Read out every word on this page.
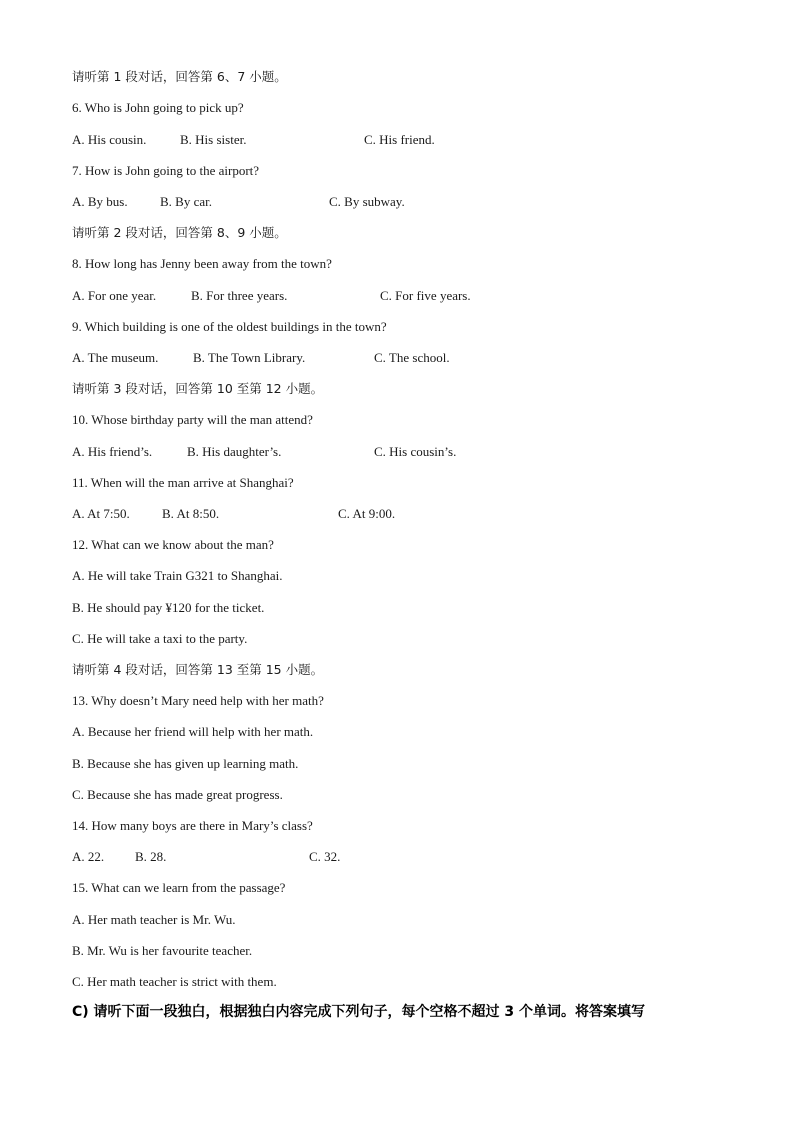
请听第 1 段对话，回答第 6、7 小题。
6. Who is John going to pick up?
A. His cousin.	B. His sister.	C. His friend.
7. How is John going to the airport?
A. By bus. B. By car.	C. By subway.
请听第 2 段对话，回答第 8、9 小题。
8. How long has Jenny been away from the town?
A. For one year.	B. For three years.	C. For five years.
9. Which building is one of the oldest buildings in the town?
A. The museum.	B. The Town Library.	C. The school.
请听第 3 段对话，回答第 10 至第 12 小题。
10. Whose birthday party will the man attend?
A. His friend’s.	B. His daughter’s.	C. His cousin’s.
11. When will the man arrive at Shanghai?
A. At 7:50. B. At 8:50.	C. At 9:00.
12. What can we know about the man?
A. He will take Train G321 to Shanghai.
B. He should pay ¥120 for the ticket.
C. He will take a taxi to the party.
请听第 4 段对话，回答第 13 至第 15 小题。
13. Why doesn’t Mary need help with her math?
A. Because her friend will help with her math.
B. Because she has given up learning math.
C. Because she has made great progress.
14. How many boys are there in Mary’s class?
A. 22. B. 28.	C. 32.
15. What can we learn from the passage?
A. Her math teacher is Mr. Wu.
B. Mr. Wu is her favourite teacher.
C. Her math teacher is strict with them.
C) 请听下面一段独白，根据独白内容完成下列句子，每个空格不超过 3 个单词。将答案填写
